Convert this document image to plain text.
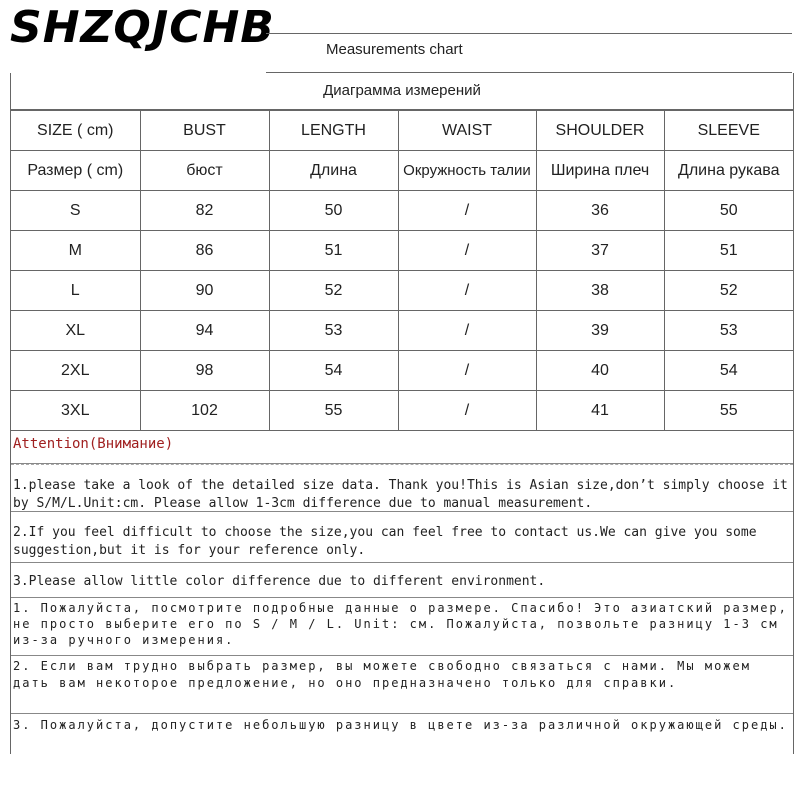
SHZQJCHB	Measurements chart
Диаграмма измерений
SIZE ( cm)	BUST	LENGTH	WAIST	SHOULDER	SLEEVE
Размер ( cm)	бюст	Длина	Окружность талии	Ширина плеч	Длина рукава
S	82	50	/	36	50
M	86	51	/	37	51
L	90	52	/	38	52
XL	94	53	/	39	53
2XL	98	54	/	40	54
3XL	102	55	/	41	55
Attention(Внимание)
1.please take a look of the detailed size data. Thank you!This is Asian size,don’t simply choose it by S/M/L.Unit:cm. Please allow 1-3cm difference due to manual measurement.
2.If you feel difficult to choose the size,you can feel free to contact us.We can give you some suggestion,but it is for your reference only.
3.Please allow little color difference due to different environment.
1. Пожалуйста, посмотрите подробные данные о размере. Спасибо! Это азиатский размер, не просто выберите его по S / M / L. Unit: см. Пожалуйста, позвольте разницу 1-3 см из-за ручного измерения.
2. Если вам трудно выбрать размер, вы можете свободно связаться с нами. Мы можем дать вам некоторое предложение, но оно предназначено только для справки.
3. Пожалуйста, допустите небольшую разницу в цвете из-за различной окружающей среды.
